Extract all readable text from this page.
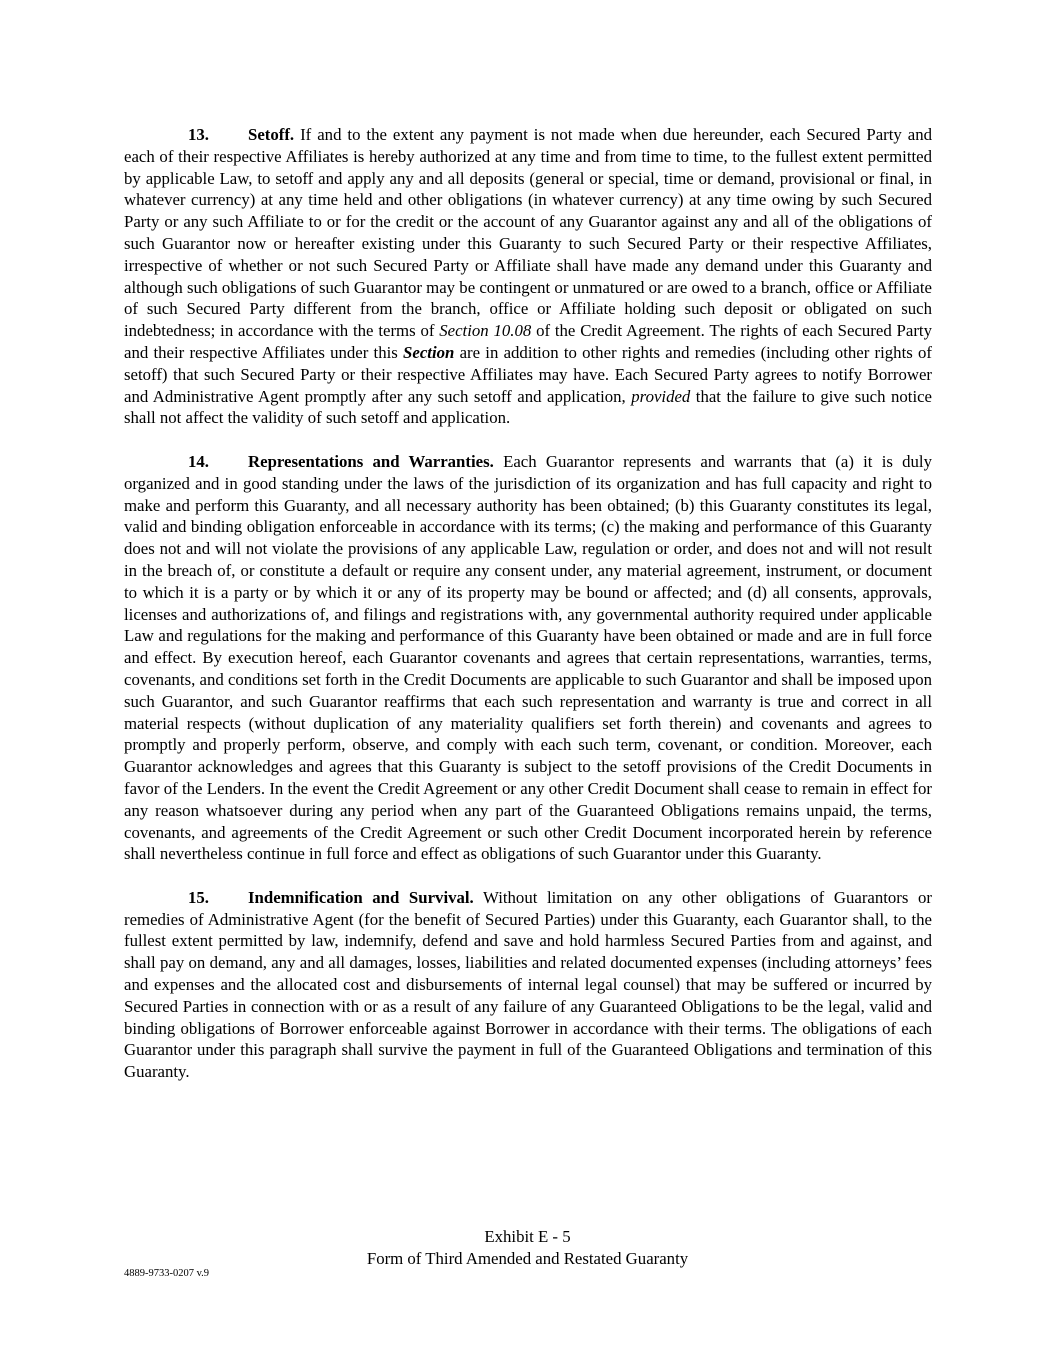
13. Setoff. If and to the extent any payment is not made when due hereunder, each Secured Party and each of their respective Affiliates is hereby authorized at any time and from time to time, to the fullest extent permitted by applicable Law, to setoff and apply any and all deposits (general or special, time or demand, provisional or final, in whatever currency) at any time held and other obligations (in whatever currency) at any time owing by such Secured Party or any such Affiliate to or for the credit or the account of any Guarantor against any and all of the obligations of such Guarantor now or hereafter existing under this Guaranty to such Secured Party or their respective Affiliates, irrespective of whether or not such Secured Party or Affiliate shall have made any demand under this Guaranty and although such obligations of such Guarantor may be contingent or unmatured or are owed to a branch, office or Affiliate of such Secured Party different from the branch, office or Affiliate holding such deposit or obligated on such indebtedness; in accordance with the terms of Section 10.08 of the Credit Agreement. The rights of each Secured Party and their respective Affiliates under this Section are in addition to other rights and remedies (including other rights of setoff) that such Secured Party or their respective Affiliates may have. Each Secured Party agrees to notify Borrower and Administrative Agent promptly after any such setoff and application, provided that the failure to give such notice shall not affect the validity of such setoff and application.

14. Representations and Warranties. Each Guarantor represents and warrants that (a) it is duly organized and in good standing under the laws of the jurisdiction of its organization and has full capacity and right to make and perform this Guaranty, and all necessary authority has been obtained; (b) this Guaranty constitutes its legal, valid and binding obligation enforceable in accordance with its terms; (c) the making and performance of this Guaranty does not and will not violate the provisions of any applicable Law, regulation or order, and does not and will not result in the breach of, or constitute a default or require any consent under, any material agreement, instrument, or document to which it is a party or by which it or any of its property may be bound or affected; and (d) all consents, approvals, licenses and authorizations of, and filings and registrations with, any governmental authority required under applicable Law and regulations for the making and performance of this Guaranty have been obtained or made and are in full force and effect. By execution hereof, each Guarantor covenants and agrees that certain representations, warranties, terms, covenants, and conditions set forth in the Credit Documents are applicable to such Guarantor and shall be imposed upon such Guarantor, and such Guarantor reaffirms that each such representation and warranty is true and correct in all material respects (without duplication of any materiality qualifiers set forth therein) and covenants and agrees to promptly and properly perform, observe, and comply with each such term, covenant, or condition. Moreover, each Guarantor acknowledges and agrees that this Guaranty is subject to the setoff provisions of the Credit Documents in favor of the Lenders. In the event the Credit Agreement or any other Credit Document shall cease to remain in effect for any reason whatsoever during any period when any part of the Guaranteed Obligations remains unpaid, the terms, covenants, and agreements of the Credit Agreement or such other Credit Document incorporated herein by reference shall nevertheless continue in full force and effect as obligations of such Guarantor under this Guaranty.

15. Indemnification and Survival. Without limitation on any other obligations of Guarantors or remedies of Administrative Agent (for the benefit of Secured Parties) under this Guaranty, each Guarantor shall, to the fullest extent permitted by law, indemnify, defend and save and hold harmless Secured Parties from and against, and shall pay on demand, any and all damages, losses, liabilities and related documented expenses (including attorneys’ fees and expenses and the allocated cost and disbursements of internal legal counsel) that may be suffered or incurred by Secured Parties in connection with or as a result of any failure of any Guaranteed Obligations to be the legal, valid and binding obligations of Borrower enforceable against Borrower in accordance with their terms. The obligations of each Guarantor under this paragraph shall survive the payment in full of the Guaranteed Obligations and termination of this Guaranty.

Exhibit E - 5
Form of Third Amended and Restated Guaranty
4889-9733-0207 v.9
